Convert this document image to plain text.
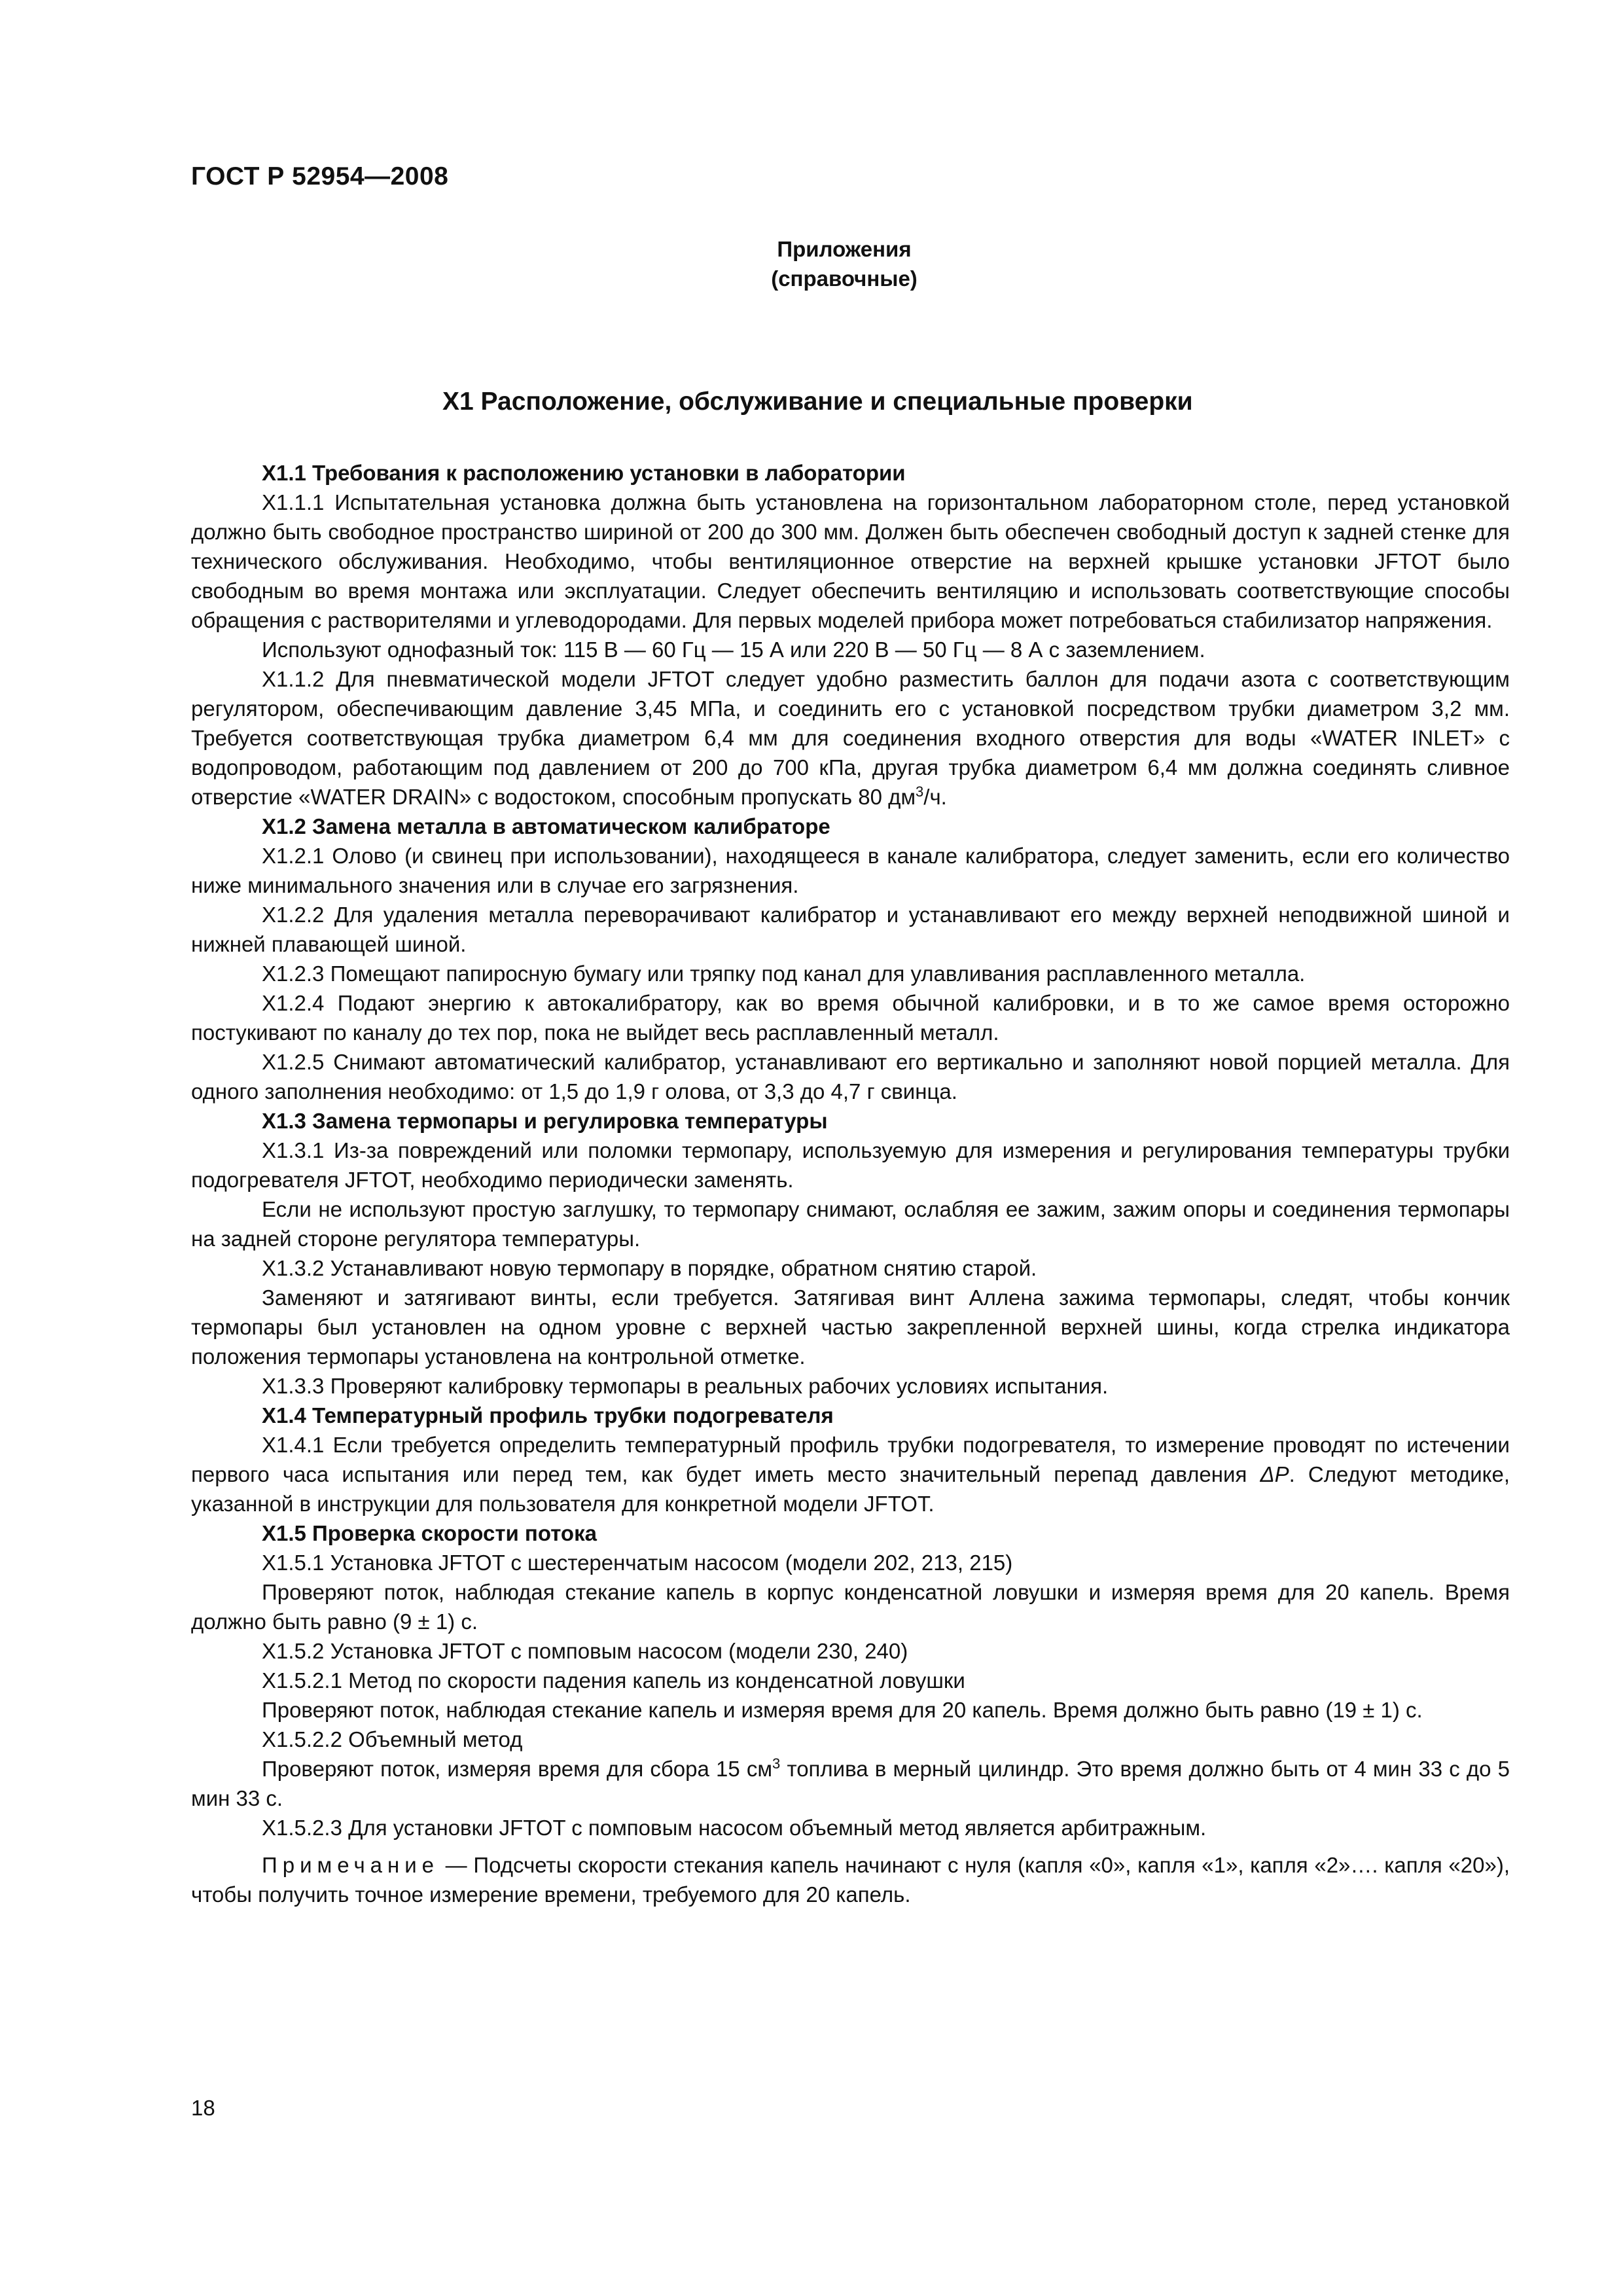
ГОСТ Р 52954—2008
Приложения
(справочные)
X1 Расположение, обслуживание и специальные проверки

X1.1 Требования к расположению установки в лаборатории

X1.1.1 Испытательная установка должна быть установлена на горизонтальном лабораторном столе, перед установкой должно быть свободное пространство шириной от 200 до 300 мм. Должен быть обеспечен свободный доступ к задней стенке для технического обслуживания. Необходимо, чтобы вентиляционное отверстие на верхней крышке установки JFTOT было свободным во время монтажа или эксплуатации. Следует обеспечить вентиляцию и использовать соответствующие способы обращения с растворителями и углеводородами. Для первых моделей прибора может потребоваться стабилизатор напряжения.

Используют однофазный ток: 115 В — 60 Гц — 15 А или 220 В — 50 Гц — 8 А с заземлением.

X1.1.2 Для пневматической модели JFTOT следует удобно разместить баллон для подачи азота с соответствующим регулятором, обеспечивающим давление 3,45 МПа, и соединить его с установкой посредством трубки диаметром 3,2 мм. Требуется соответствующая трубка диаметром 6,4 мм для соединения входного отверстия для воды «WATER INLET» с водопроводом, работающим под давлением от 200 до 700 кПа, другая трубка диаметром 6,4 мм должна соединять сливное отверстие «WATER DRAIN» с водостоком, способным пропускать 80 $дм^3/ч$.

X1.2 Замена металла в автоматическом калибраторе

X1.2.1 Олово (и свинец при использовании), находящееся в канале калибратора, следует заменить, если его количество ниже минимального значения или в случае его загрязнения.

X1.2.2 Для удаления металла переворачивают калибратор и устанавливают его между верхней неподвижной шиной и нижней плавающей шиной.

X1.2.3 Помещают папиросную бумагу или тряпку под канал для улавливания расплавленного металла.

X1.2.4 Подают энергию к автокалибратору, как во время обычной калибровки, и в то же самое время осторожно постукивают по каналу до тех пор, пока не выйдет весь расплавленный металл.

X1.2.5 Снимают автоматический калибратор, устанавливают его вертикально и заполняют новой порцией металла. Для одного заполнения необходимо: от 1,5 до 1,9 г олова, от 3,3 до 4,7 г свинца.

X1.3 Замена термопары и регулировка температуры

X1.3.1 Из-за повреждений или поломки термопару, используемую для измерения и регулирования температуры трубки подогревателя JFTOT, необходимо периодически заменять.

Если не используют простую заглушку, то термопару снимают, ослабляя ее зажим, зажим опоры и соединения термопары на задней стороне регулятора температуры.

X1.3.2 Устанавливают новую термопару в порядке, обратном снятию старой.

Заменяют и затягивают винты, если требуется. Затягивая винт Аллена зажима термопары, следят, чтобы кончик термопары был установлен на одном уровне с верхней частью закрепленной верхней шины, когда стрелка индикатора положения термопары установлена на контрольной отметке.

X1.3.3 Проверяют калибровку термопары в реальных рабочих условиях испытания.

X1.4 Температурный профиль трубки подогревателя

X1.4.1 Если требуется определить температурный профиль трубки подогревателя, то измерение проводят по истечении первого часа испытания или перед тем, как будет иметь место значительный перепад давления ΔP. Следуют методике, указанной в инструкции для пользователя для конкретной модели JFTOT.

X1.5 Проверка скорости потока

X1.5.1 Установка JFTOT с шестеренчатым насосом (модели 202, 213, 215)

Проверяют поток, наблюдая стекание капель в корпус конденсатной ловушки и измеряя время для 20 капель. Время должно быть равно (9 ± 1) с.

X1.5.2 Установка JFTOT с помповым насосом (модели 230, 240)

X1.5.2.1 Метод по скорости падения капель из конденсатной ловушки

Проверяют поток, наблюдая стекание капель и измеряя время для 20 капель. Время должно быть равно (19 ± 1) с.

X1.5.2.2 Объемный метод

Проверяют поток, измеряя время для сбора 15 $см^3$ топлива в мерный цилиндр. Это время должно быть от 4 мин 33 с до 5 мин 33 с.

X1.5.2.3 Для установки JFTOT с помповым насосом объемный метод является арбитражным.

Примечание — Подсчеты скорости стекания капель начинают с нуля (капля «0», капля «1», капля «2»…. капля «20»), чтобы получить точное измерение времени, требуемого для 20 капель.

18
